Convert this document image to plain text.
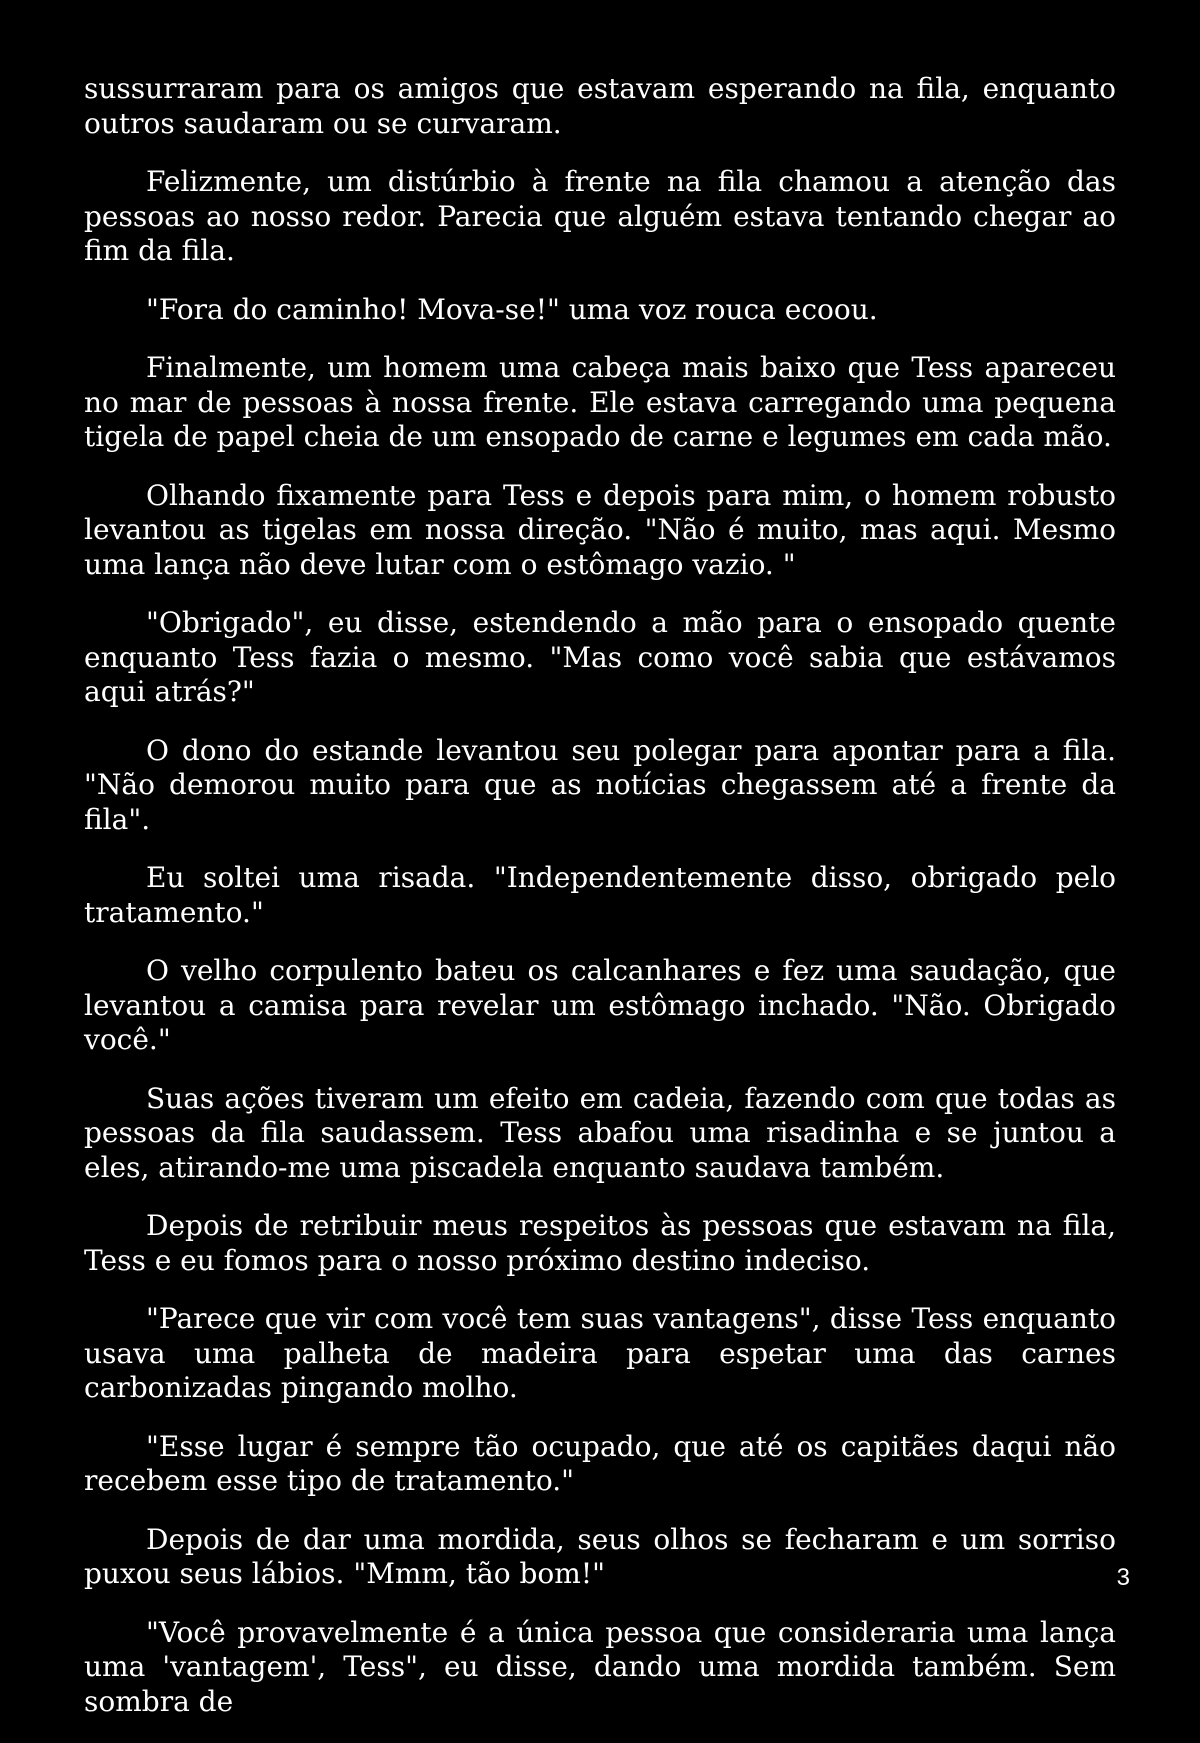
sussurraram para os amigos que estavam esperando na fila, enquanto outros saudaram ou se curvaram.

Felizmente, um distúrbio à frente na fila chamou a atenção das pessoas ao nosso redor. Parecia que alguém estava tentando chegar ao fim da fila.

"Fora do caminho! Mova-se!" uma voz rouca ecoou.

Finalmente, um homem uma cabeça mais baixo que Tess apareceu no mar de pessoas à nossa frente. Ele estava carregando uma pequena tigela de papel cheia de um ensopado de carne e legumes em cada mão.

Olhando fixamente para Tess e depois para mim, o homem robusto levantou as tigelas em nossa direção. "Não é muito, mas aqui. Mesmo uma lança não deve lutar com o estômago vazio. "

"Obrigado", eu disse, estendendo a mão para o ensopado quente enquanto Tess fazia o mesmo. "Mas como você sabia que estávamos aqui atrás?"

O dono do estande levantou seu polegar para apontar para a fila. "Não demorou muito para que as notícias chegassem até a frente da fila".

Eu soltei uma risada. "Independentemente disso, obrigado pelo tratamento."

O velho corpulento bateu os calcanhares e fez uma saudação, que levantou a camisa para revelar um estômago inchado. "Não. Obrigado você."

Suas ações tiveram um efeito em cadeia, fazendo com que todas as pessoas da fila saudassem. Tess abafou uma risadinha e se juntou a eles, atirando-me uma piscadela enquanto saudava também.

Depois de retribuir meus respeitos às pessoas que estavam na fila, Tess e eu fomos para o nosso próximo destino indeciso.

"Parece que vir com você tem suas vantagens", disse Tess enquanto usava uma palheta de madeira para espetar uma das carnes carbonizadas pingando molho.

"Esse lugar é sempre tão ocupado, que até os capitães daqui não recebem esse tipo de tratamento."

Depois de dar uma mordida, seus olhos se fecharam e um sorriso puxou seus lábios. "Mmm, tão bom!"

"Você provavelmente é a única pessoa que consideraria uma lança uma 'vantagem', Tess", eu disse, dando uma mordida também. Sem sombra de

3
